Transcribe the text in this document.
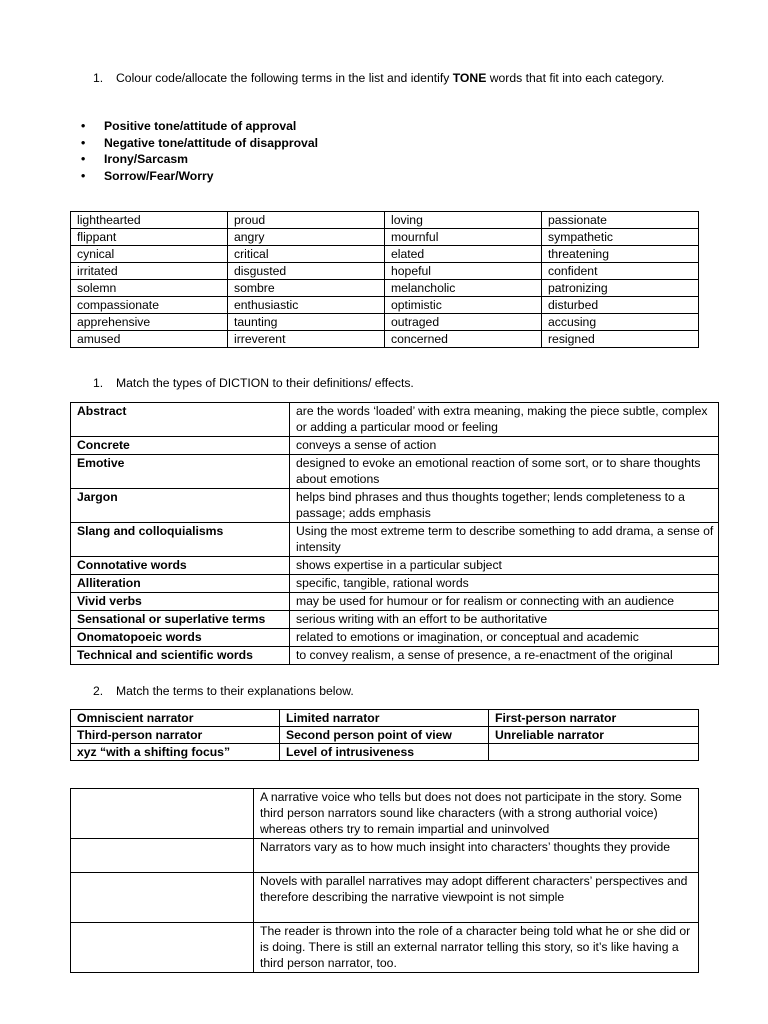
1. Colour code/allocate the following terms in the list and identify TONE words that fit into each category.
• Positive tone/attitude of approval
• Negative tone/attitude of disapproval
• Irony/Sarcasm
• Sorrow/Fear/Worry
lighthearted	proud	loving	passionate
flippant	angry	mournful	sympathetic
cynical	critical	elated	threatening
irritated	disgusted	hopeful	confident
solemn	sombre	melancholic	patronizing
compassionate	enthusiastic	optimistic	disturbed
apprehensive	taunting	outraged	accusing
amused	irreverent	concerned	resigned
1. Match the types of DICTION to their definitions/ effects.
Abstract	are the words ‘loaded’ with extra meaning, making the piece subtle, complex or adding a particular mood or feeling
Concrete	conveys a sense of action
Emotive	designed to evoke an emotional reaction of some sort, or to share thoughts about emotions
Jargon	helps bind phrases and thus thoughts together; lends completeness to a passage; adds emphasis
Slang and colloquialisms	Using the most extreme term to describe something to add drama, a sense of intensity
Connotative words	shows expertise in a particular subject
Alliteration	specific, tangible, rational words
Vivid verbs	may be used for humour or for realism or connecting with an audience
Sensational or superlative terms	serious writing with an effort to be authoritative
Onomatopoeic words	related to emotions or imagination, or conceptual and academic
Technical and scientific words	to convey realism, a sense of presence, a re-enactment of the original
2. Match the terms to their explanations below.
Omniscient narrator	Limited narrator	First-person narrator
Third-person narrator	Second person point of view	Unreliable narrator
xyz “with a shifting focus”	Level of intrusiveness	
	A narrative voice who tells but does not does not participate in the story. Some third person narrators sound like characters (with a strong authorial voice) whereas others try to remain impartial and uninvolved
	Narrators vary as to how much insight into characters’ thoughts they provide
	Novels with parallel narratives may adopt different characters’ perspectives and therefore describing the narrative viewpoint is not simple
	The reader is thrown into the role of a character being told what he or she did or is doing. There is still an external narrator telling this story, so it’s like having a third person narrator, too.
